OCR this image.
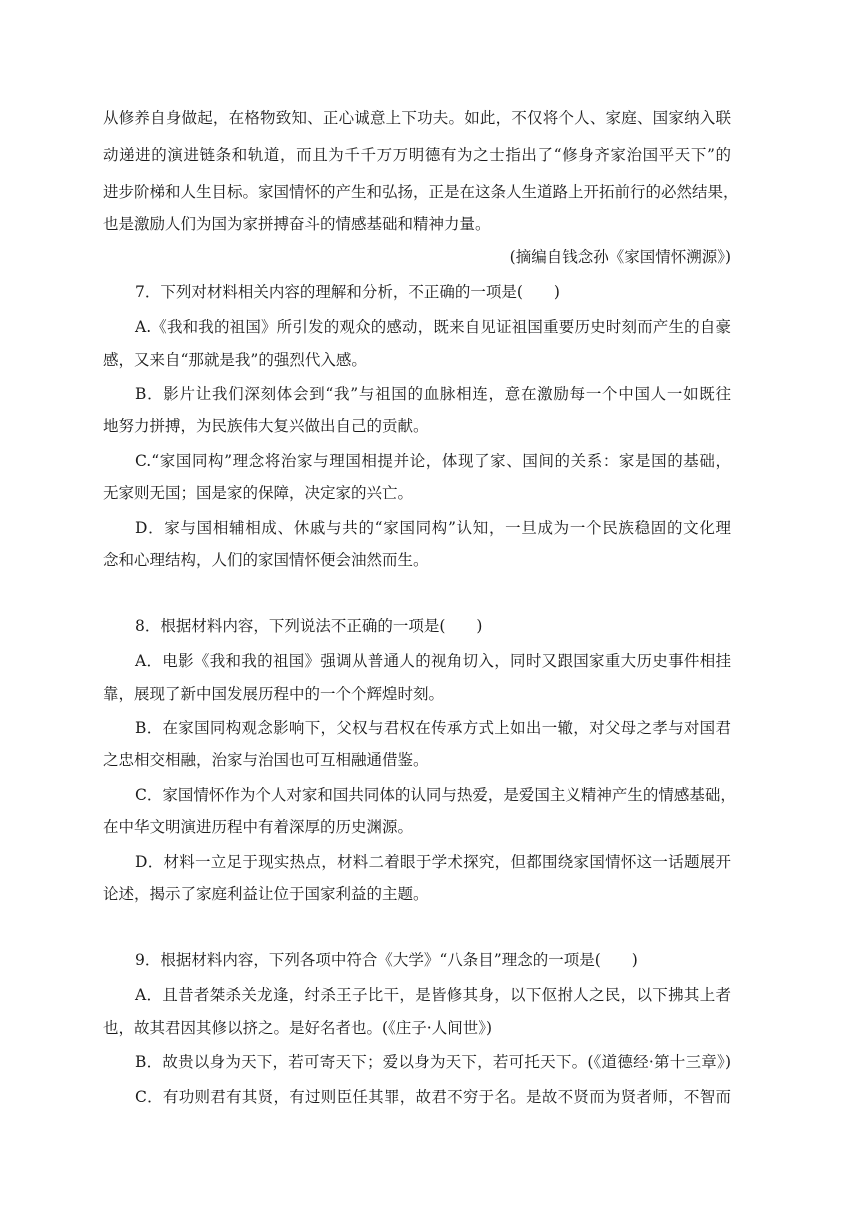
从修养自身做起，在格物致知、正心诚意上下功夫。如此，不仅将个人、家庭、国家纳入联
动递进的演进链条和轨道，而且为千千万万明德有为之士指出了“修身齐家治国平天下”的
进步阶梯和人生目标。家国情怀的产生和弘扬，正是在这条人生道路上开拓前行的必然结果，
也是激励人们为国为家拼搏奋斗的情感基础和精神力量。
(摘编自钱念孙《家国情怀溯源》)
7．下列对材料相关内容的理解和分析，不正确的一项是(　　)
A.《我和我的祖国》所引发的观众的感动，既来自见证祖国重要历史时刻而产生的自豪
感，又来自“那就是我”的强烈代入感。
B．影片让我们深刻体会到“我”与祖国的血脉相连，意在激励每一个中国人一如既往
地努力拼搏，为民族伟大复兴做出自己的贡献。
C.“家国同构”理念将治家与理国相提并论，体现了家、国间的关系：家是国的基础，
无家则无国；国是家的保障，决定家的兴亡。
D．家与国相辅相成、休戚与共的“家国同构”认知，一旦成为一个民族稳固的文化理
念和心理结构，人们的家国情怀便会油然而生。
8．根据材料内容，下列说法不正确的一项是(　　)
A．电影《我和我的祖国》强调从普通人的视角切入，同时又跟国家重大历史事件相挂
靠，展现了新中国发展历程中的一个个辉煌时刻。
B．在家国同构观念影响下，父权与君权在传承方式上如出一辙，对父母之孝与对国君
之忠相交相融，治家与治国也可互相融通借鉴。
C．家国情怀作为个人对家和国共同体的认同与热爱，是爱国主义精神产生的情感基础，
在中华文明演进历程中有着深厚的历史渊源。
D．材料一立足于现实热点，材料二着眼于学术探究，但都围绕家国情怀这一话题展开
论述，揭示了家庭利益让位于国家利益的主题。
9．根据材料内容，下列各项中符合《大学》“八条目”理念的一项是(　　)
A．且昔者桀杀关龙逢，纣杀王子比干，是皆修其身，以下伛拊人之民，以下拂其上者
也，故其君因其修以挤之。是好名者也。(《庄子·人间世》)
B．故贵以身为天下，若可寄天下；爱以身为天下，若可托天下。(《道德经·第十三章》)
C．有功则君有其贤，有过则臣任其罪，故君不穷于名。是故不贤而为贤者师，不智而
